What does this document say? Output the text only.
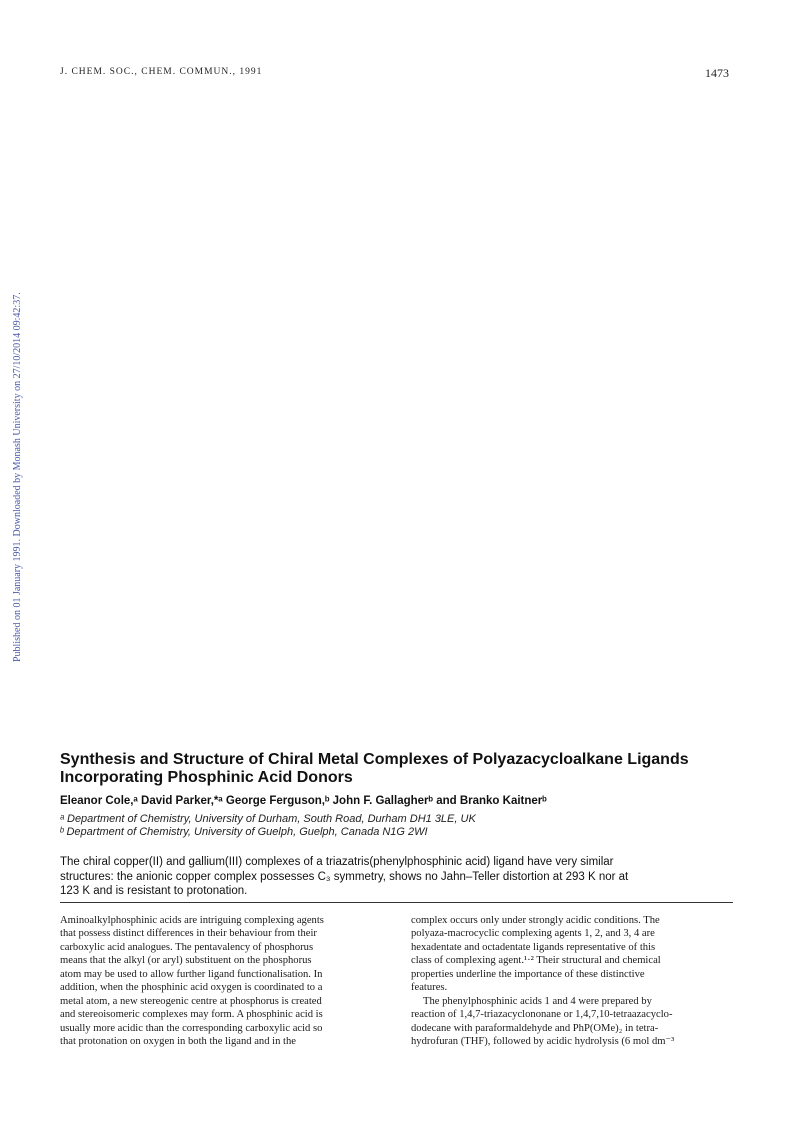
J. CHEM. SOC., CHEM. COMMUN., 1991	1473
Published on 01 January 1991. Downloaded by Monash University on 27/10/2014 09:42:37.
Synthesis and Structure of Chiral Metal Complexes of Polyazacycloalkane Ligands
Incorporating Phosphinic Acid Donors
Eleanor Cole,ᵃ David Parker,*ᵃ George Ferguson,ᵇ John F. Gallagherᵇ and Branko Kaitnerᵇ
ᵃ Department of Chemistry, University of Durham, South Road, Durham DH1 3LE, UK
ᵇ Department of Chemistry, University of Guelph, Guelph, Canada N1G 2WI
The chiral copper(II) and gallium(III) complexes of a triazatris(phenylphosphinic acid) ligand have very similar
structures: the anionic copper complex possesses C₃ symmetry, shows no Jahn–Teller distortion at 293 K nor at
123 K and is resistant to protonation.
Aminoalkylphosphinic acids are intriguing complexing agents
that possess distinct differences in their behaviour from their
carboxylic acid analogues. The pentavalency of phosphorus
means that the alkyl (or aryl) substituent on the phosphorus
atom may be used to allow further ligand functionalisation. In
addition, when the phosphinic acid oxygen is coordinated to a
metal atom, a new stereogenic centre at phosphorus is created
and stereoisomeric complexes may form. A phosphinic acid is
usually more acidic than the corresponding carboxylic acid so
that protonation on oxygen in both the ligand and in the
complex occurs only under strongly acidic conditions. The
polyaza-macrocyclic complexing agents 1, 2, and 3, 4 are
hexadentate and octadentate ligands representative of this
class of complexing agent.¹·² Their structural and chemical
properties underline the importance of these distinctive
features.
The phenylphosphinic acids 1 and 4 were prepared by
reaction of 1,4,7-triazacyclononane or 1,4,7,10-tetraazacyclo-
dodecane with paraformaldehyde and PhP(OMe)₂ in tetra-
hydrofuran (THF), followed by acidic hydrolysis (6 mol dm⁻³
